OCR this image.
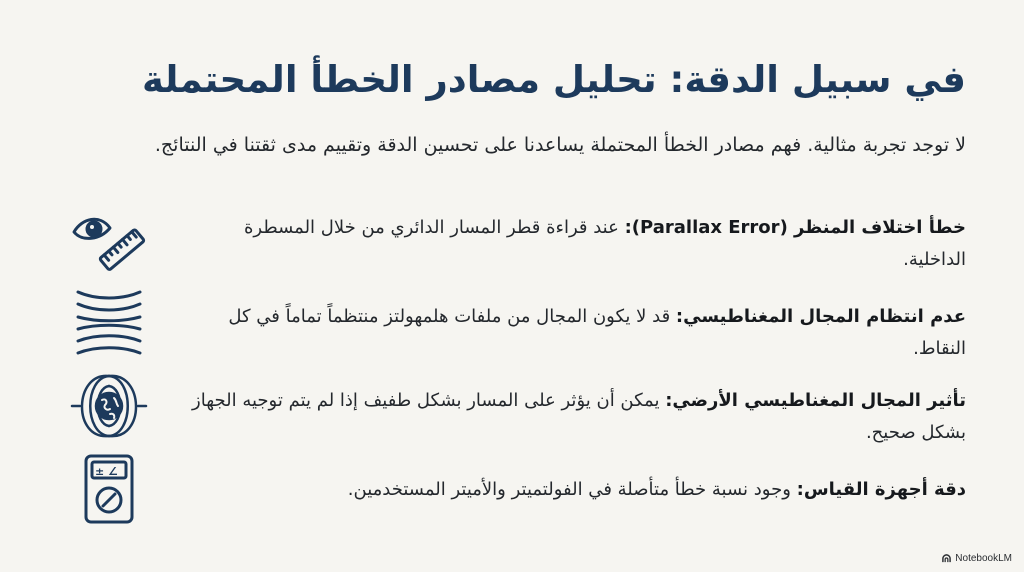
في سبيل الدقة: تحليل مصادر الخطأ المحتملة
لا توجد تجربة مثالية. فهم مصادر الخطأ المحتملة يساعدنا على تحسين الدقة وتقييم مدى ثقتنا في النتائج.
خطأ اختلاف المنظر (Parallax Error): عند قراءة قطر المسار الدائري من خلال المسطرة الداخلية.
عدم انتظام المجال المغناطيسي: قد لا يكون المجال من ملفات هلمهولتز منتظماً تماماً في كل النقاط.
تأثير المجال المغناطيسي الأرضي: يمكن أن يؤثر على المسار بشكل طفيف إذا لم يتم توجيه الجهاز بشكل صحيح.
دقة أجهزة القياس: وجود نسبة خطأ متأصلة في الفولتميتر والأميتر المستخدمين.
± ∠
NotebookLM
